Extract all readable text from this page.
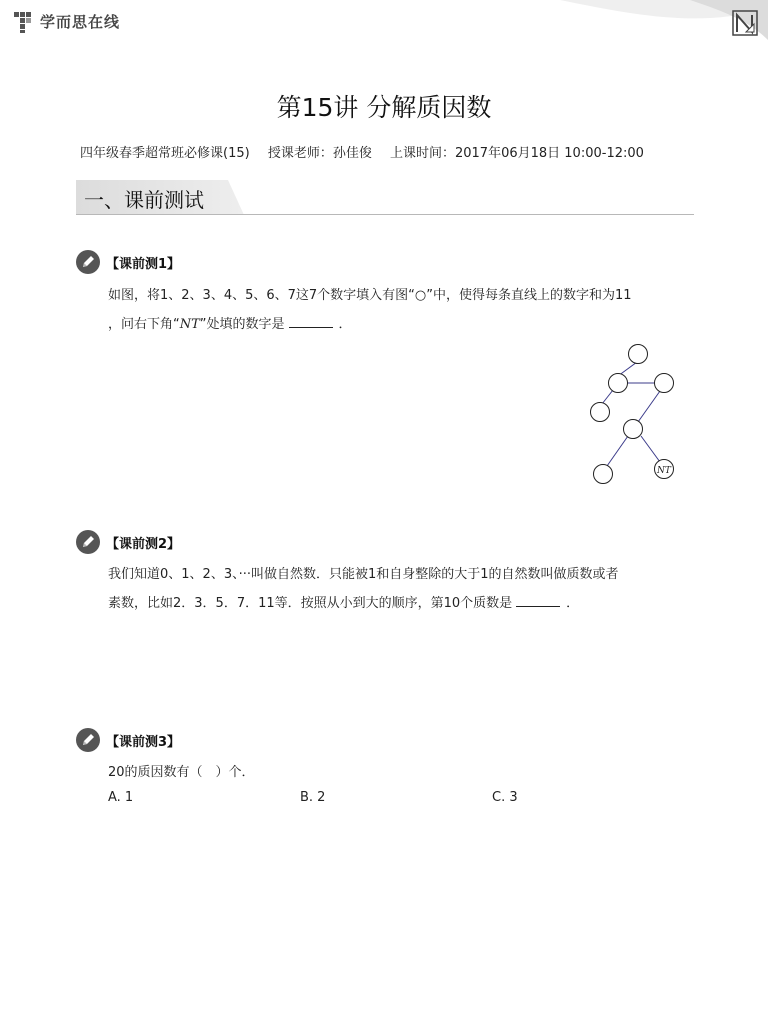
学而思在线
第15讲 分解质因数
四年级春季超常班必修课(15) 授课老师：孙佳俊 上课时间：2017年06月18日 10:00-12:00
一、课前测试
【课前测1】
如图，将1、2、3、4、5、6、7这7个数字填入有图“○”中，使得每条直线上的数字和为11
，问右下角“NT”处填的数字是	．
NT
【课前测2】
我们知道0、1、2、3、···叫做自然数．只能被1和自身整除的大于1的自然数叫做质数或者
素数，比如2．3．5．7．11等．按照从小到大的顺序，第10个质数是	．
【课前测3】
20的质因数有（　）个．
A. 1	B. 2	C. 3
